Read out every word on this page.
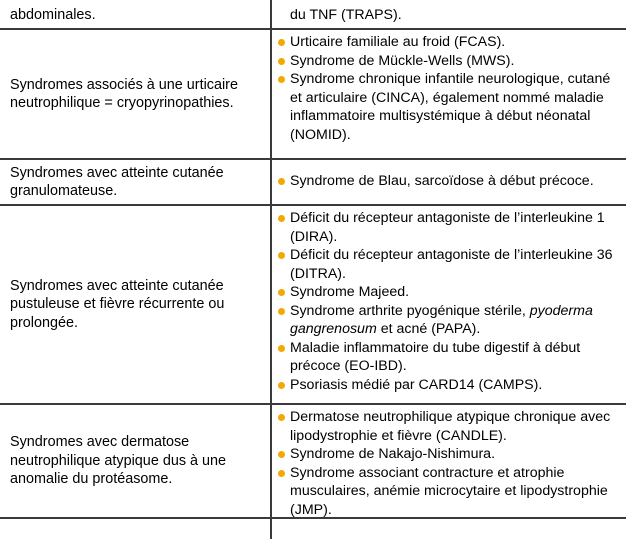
abdominales.	du TNF (TRAPS).
Syndromes associés à une urticaire neutrophilique = cryopyrinopathies.
Urticaire familiale au froid (FCAS).
Syndrome de Mückle-Wells (MWS).
Syndrome chronique infantile neurologique, cutané et articulaire (CINCA), également nommé maladie inflammatoire multisystémique à début néonatal (NOMID).
Syndromes avec atteinte cutanée granulomateuse.
Syndrome de Blau, sarcoïdose à début précoce.
Syndromes avec atteinte cutanée pustuleuse et fièvre récurrente ou prolongée.
Déficit du récepteur antagoniste de l’interleukine 1 (DIRA).
Déficit du récepteur antagoniste de l’interleukine 36 (DITRA).
Syndrome Majeed.
Syndrome arthrite pyogénique stérile, pyoderma gangrenosum et acné (PAPA).
Maladie inflammatoire du tube digestif à début précoce (EO-IBD).
Psoriasis médié par CARD14 (CAMPS).
Syndromes avec dermatose neutrophilique atypique dus à une anomalie du protéasome.
Dermatose neutrophilique atypique chronique avec lipodystrophie et fièvre (CANDLE).
Syndrome de Nakajo-Nishimura.
Syndrome associant contracture et atrophie musculaires, anémie microcytaire et lipodystrophie (JMP).
